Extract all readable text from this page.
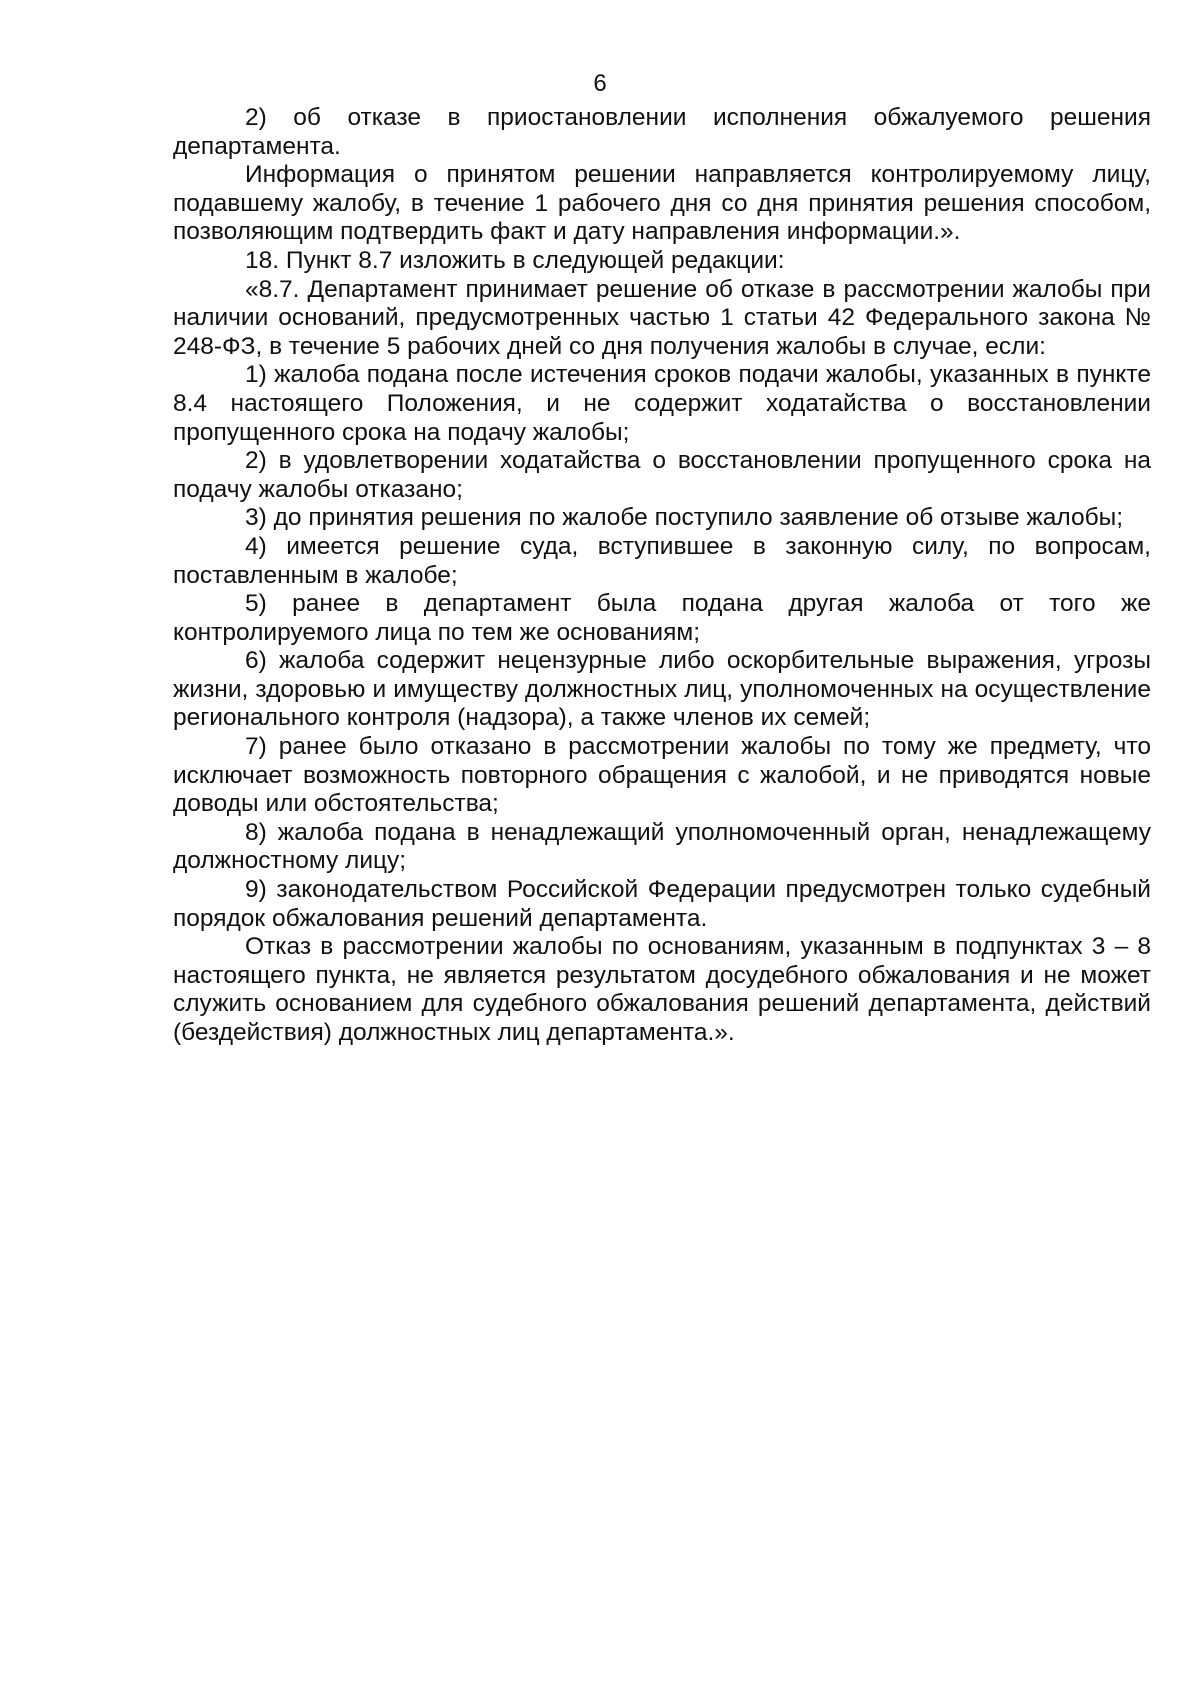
6

2) об отказе в приостановлении исполнения обжалуемого решения департамента.

Информация о принятом решении направляется контролируемому лицу, подавшему жалобу, в течение 1 рабочего дня со дня принятия решения способом, позволяющим подтвердить факт и дату направления информации.».

18. Пункт 8.7 изложить в следующей редакции:

«8.7. Департамент принимает решение об отказе в рассмотрении жалобы при наличии оснований, предусмотренных частью 1 статьи 42 Федерального закона № 248-ФЗ, в течение 5 рабочих дней со дня получения жалобы в случае, если:

1) жалоба подана после истечения сроков подачи жалобы, указанных в пункте 8.4 настоящего Положения, и не содержит ходатайства о восстановлении пропущенного срока на подачу жалобы;

2) в удовлетворении ходатайства о восстановлении пропущенного срока на подачу жалобы отказано;

3) до принятия решения по жалобе поступило заявление об отзыве жалобы;

4) имеется решение суда, вступившее в законную силу, по вопросам, поставленным в жалобе;

5) ранее в департамент была подана другая жалоба от того же контролируемого лица по тем же основаниям;

6) жалоба содержит нецензурные либо оскорбительные выражения, угрозы жизни, здоровью и имуществу должностных лиц, уполномоченных на осуществление регионального контроля (надзора), а также членов их семей;

7) ранее было отказано в рассмотрении жалобы по тому же предмету, что исключает возможность повторного обращения с жалобой, и не приводятся новые доводы или обстоятельства;

8) жалоба подана в ненадлежащий уполномоченный орган, ненадлежащему должностному лицу;

9) законодательством Российской Федерации предусмотрен только судебный порядок обжалования решений департамента.

Отказ в рассмотрении жалобы по основаниям, указанным в подпунктах 3 – 8 настоящего пункта, не является результатом досудебного обжалования и не может служить основанием для судебного обжалования решений департамента, действий (бездействия) должностных лиц департамента.».
